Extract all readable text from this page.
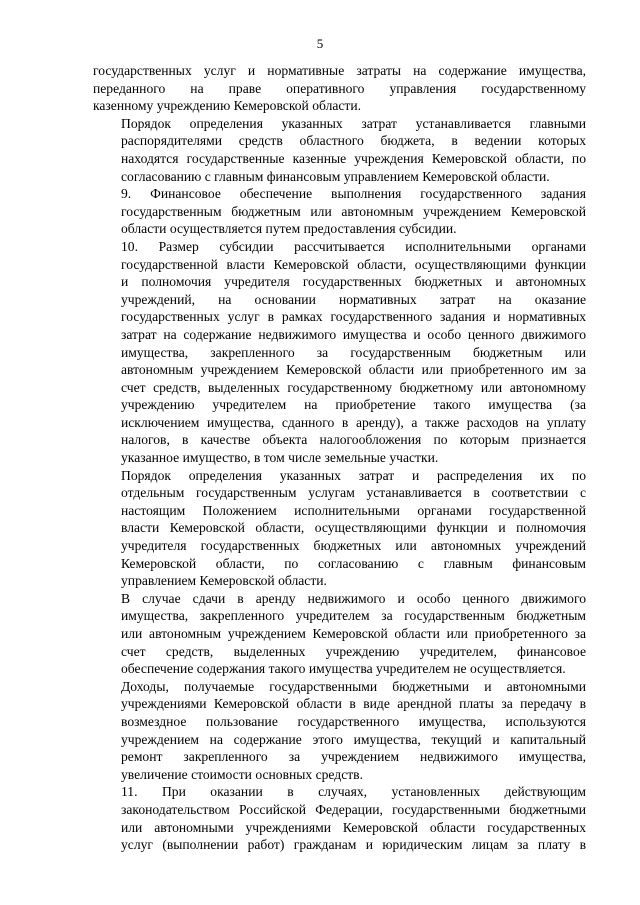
5

государственных услуг и нормативные затраты на содержание имущества,
переданного на праве оперативного управления государственному
казенному учреждению Кемеровской области.

Порядок определения указанных затрат устанавливается главными
распорядителями средств областного бюджета, в ведении которых
находятся государственные казенные учреждения Кемеровской области, по
согласованию с главным финансовым управлением Кемеровской области.

9. Финансовое обеспечение выполнения государственного задания
государственным бюджетным или автономным учреждением Кемеровской
области осуществляется путем предоставления субсидии.

10. Размер субсидии рассчитывается исполнительными органами
государственной власти Кемеровской области, осуществляющими функции
и полномочия учредителя государственных бюджетных и автономных
учреждений, на основании нормативных затрат на оказание
государственных услуг в рамках государственного задания и нормативных
затрат на содержание недвижимого имущества и особо ценного движимого
имущества, закрепленного за государственным бюджетным или
автономным учреждением Кемеровской области или приобретенного им за
счет средств, выделенных государственному бюджетному или автономному
учреждению учредителем на приобретение такого имущества (за
исключением имущества, сданного в аренду), а также расходов на уплату
налогов, в качестве объекта налогообложения по которым признается
указанное имущество, в том числе земельные участки.

Порядок определения указанных затрат и распределения их по
отдельным государственным услугам устанавливается в соответствии с
настоящим Положением исполнительными органами государственной
власти Кемеровской области, осуществляющими функции и полномочия
учредителя государственных бюджетных или автономных учреждений
Кемеровской области, по согласованию с главным финансовым
управлением Кемеровской области.

В случае сдачи в аренду недвижимого и особо ценного движимого
имущества, закрепленного учредителем за государственным бюджетным
или автономным учреждением Кемеровской области или приобретенного за
счет средств, выделенных учреждению учредителем, финансовое
обеспечение содержания такого имущества учредителем не осуществляется.

Доходы, получаемые государственными бюджетными и автономными
учреждениями Кемеровской области в виде арендной платы за передачу в
возмездное пользование государственного имущества, используются
учреждением на содержание этого имущества, текущий и капитальный
ремонт закрепленного за учреждением недвижимого имущества,
увеличение стоимости основных средств.

11. При оказании в случаях, установленных действующим
законодательством Российской Федерации, государственными бюджетными
или автономными учреждениями Кемеровской области государственных
услуг (выполнении работ) гражданам и юридическим лицам за плату в
